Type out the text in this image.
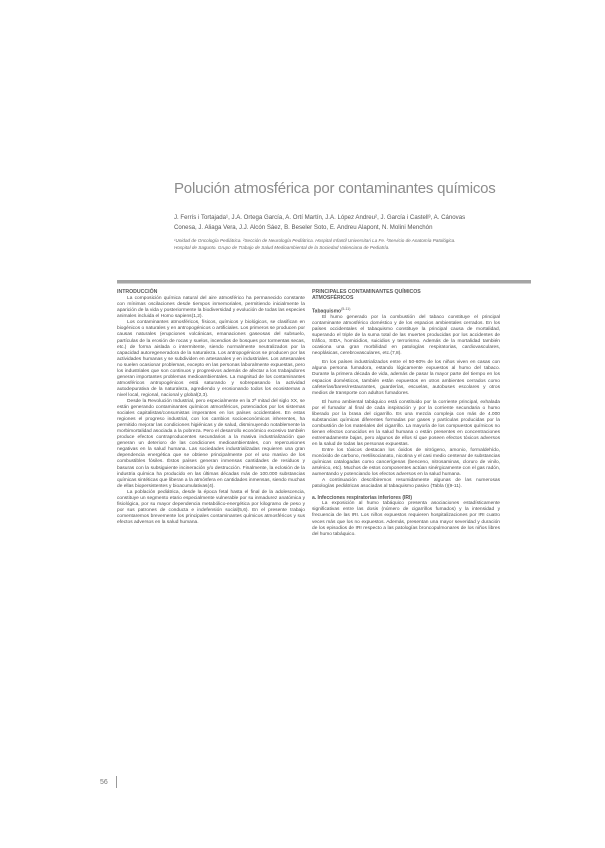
Polución atmosférica por contaminantes químicos
J. Ferrís i Tortajada¹, J.A. Ortega García, A. Ortí Martín, J.A. López Andreu², J. García i Castell³, A. Cánovas
Conesa, J. Aliaga Vera, J.J. Alcón Sáez, B. Beseler Soto, E. Andreu Alapont, N. Molini Menchón
¹Unidad de Oncología Pediátrica. ²Sección de Neurología Pediátrica. Hospital Infantil Universitari La Fe. ³Servicio de Anatomía Patológica.
Hospital de Sagunto. Grupo de Trabajo de Salud Medioambiental de la Sociedad Valenciana de Pediatría.
INTRODUCCIÓN

La composición química natural del aire atmosférico ha permanecido constante con mínimas oscilaciones desde tiempos inmemoriales, permitiendo inicialmente la aparición de la vida y posteriormente la biodiversidad y evolución de todas las especies animales incluida el Homo sapiens(1,2).

Los contaminantes atmosféricos, físicos, químicos y biológicos, se clasifican en biogénicos o naturales y en antropogénicos o artificiales. Los primeros se producen por causas naturales (erupciones volcánicas, emanaciones gaseosas del subsuelo, partículas de la erosión de rocas y suelos, incendios de bosques por tormentas secas, etc.) de forma aislada o intermitente, siendo normalmente neutralizados por la capacidad autoregeneradora de la naturaleza. Los antropogénicos se producen por las actividades humanas y se subdividen en artesanales y en industriales. Los artesanales no suelen ocasionar problemas, excepto en las personas laboralmente expuestas, pero los industriales que son continuos y progresivos además de afectar a los trabajadores generan importantes problemas medioambientales. La magnitud de los contaminantes atmosféricos antropogénicos está saturando y sobrepasando la actividad autodepurativa de la naturaleza, agrediendo y erosionando todos los ecosistemas a nivel local, regional, nacional y global(2,3).

Desde la Revolución Industrial, pero especialmente en la 2ª mitad del siglo XX, se están generando contaminantes químicos atmosféricos, potenciados por los sistemas sociales capitalistas/consumistas imperantes en los países occidentales. En estas regiones el progreso industrial, con los cambios socioeconómicos inherentes, ha permitido mejorar las condiciones higiénicas y de salud, disminuyendo notablemente la morbimortalidad asociada a la pobreza. Pero el desarrollo económico excesivo también produce efectos contraproducentes secundarios a la masiva industrialización que generan un deterioro de las condiciones medioambientales, con repercusiones negativas en la salud humana. Las sociedades industrializadas requieren una gran dependencia energética que se obtiene principalmente por el uso masivo de los combustibles fósiles. Éstos países generan inmensas cantidades de residuos y basuras con la subsiguiente incineración y/o destrucción. Finalmente, la eclosión de la industria química ha producido en las últimas décadas más de 100.000 substancias químicas sintéticas que liberan a la atmósfera en cantidades inmensas, siendo muchas de ellas biopersistentes y bioacumulativas(4).

La población pediátrica, desde la época fetal hasta el final de la adolescencia, constituye un segmento etario especialmente vulnerable por su inmadurez anatómica y fisiológica, por su mayor dependencia metabólico-energética por kilogramo de peso y por sus patrones de conducta e indefensión social(5,6). En el presente trabajo comentaremos brevemente los principales contaminantes químicos atmosféricos y sus efectos adversos en la salud humana.

PRINCIPALES CONTAMINANTES QUÍMICOS
ATMOSFÉRICOS
Tabaquismo$^{(5-11)}$

El humo generado por la combustión del tabaco constituye el principal contaminante atmosférico doméstico y de los espacios ambientales cerrados. En los países occidentales el tabaquismo constituye la principal causa de mortalidad, superando el triple de la suma total de las muertes producidas por los accidentes de tráfico, SIDA, homicidios, suicidios y terrorismo. Además de la mortalidad también ocasiona una gran morbilidad en patologías respiratorias, cardiovasculares, neoplásicas, cerebrovasculares, etc.(7,8).

En los países industrializados entre el 50-60% de los niños viven en casas con alguna persona fumadora, estando lógicamente expuestos al humo del tabaco. Durante la primera década de vida, además de pasar la mayor parte del tiempo en los espacios domésticos, también están expuestos en otros ambientes cerrados como cafeterías/bares/restaurantes, guarderías, escuelas, autobuses escolares y otros medios de transporte con adultos fumadores.

El humo ambiental tabáquico está constituido por la corriente principal, exhalada por el fumador al final de cada inspiración y por la corriente secundaria o humo liberado por la brasa del cigarrillo. Es una mezcla compleja con más de 4.000 substancias químicas diferentes formadas por gases y partículas producidas por la combustión de los materiales del cigarrillo. La mayoría de los compuestos químicos no tienen efectos conocidos en la salud humana o están presentes en concentraciones extremadamente bajas, pero algunos de ellos sí que poseen efectos tóxicos adversos en la salud de todas las personas expuestas.

Entre los tóxicos destacan los óxidos de nitrógeno, amonio, formaldehído, monóxido de carbono, metilisocianato, nicotina y el casi medio centenar de substancias químicas catalogadas como cancerígenas (benceno, nitrosaminas, cloruro de vinilo, arsénico, etc). Muchos de estos componentes actúan sinérgicamente con el gas radón, aumentando y potenciando los efectos adversos en la salud humana.

A continuación describiremos resumidamente algunas de las numerosas patologías pediátricas asociadas al tabaquismo pasivo (Tabla I)(9-11).

a. Infecciones respiratorias inferiores (IRI)

La exposición al humo tabáquico presenta asociaciones estadísticamente significativas entre las dosis (número de cigarrillos fumados) y la intensidad y frecuencia de las IRI. Los niños expuestos requieren hospitalizaciones por IRI cuatro veces más que los no expuestos. Además, presentan una mayor severidad y duración de los episodios de IRI respecto a las patologías broncopulmonares de los niños libres del humo tabáquico.

56
